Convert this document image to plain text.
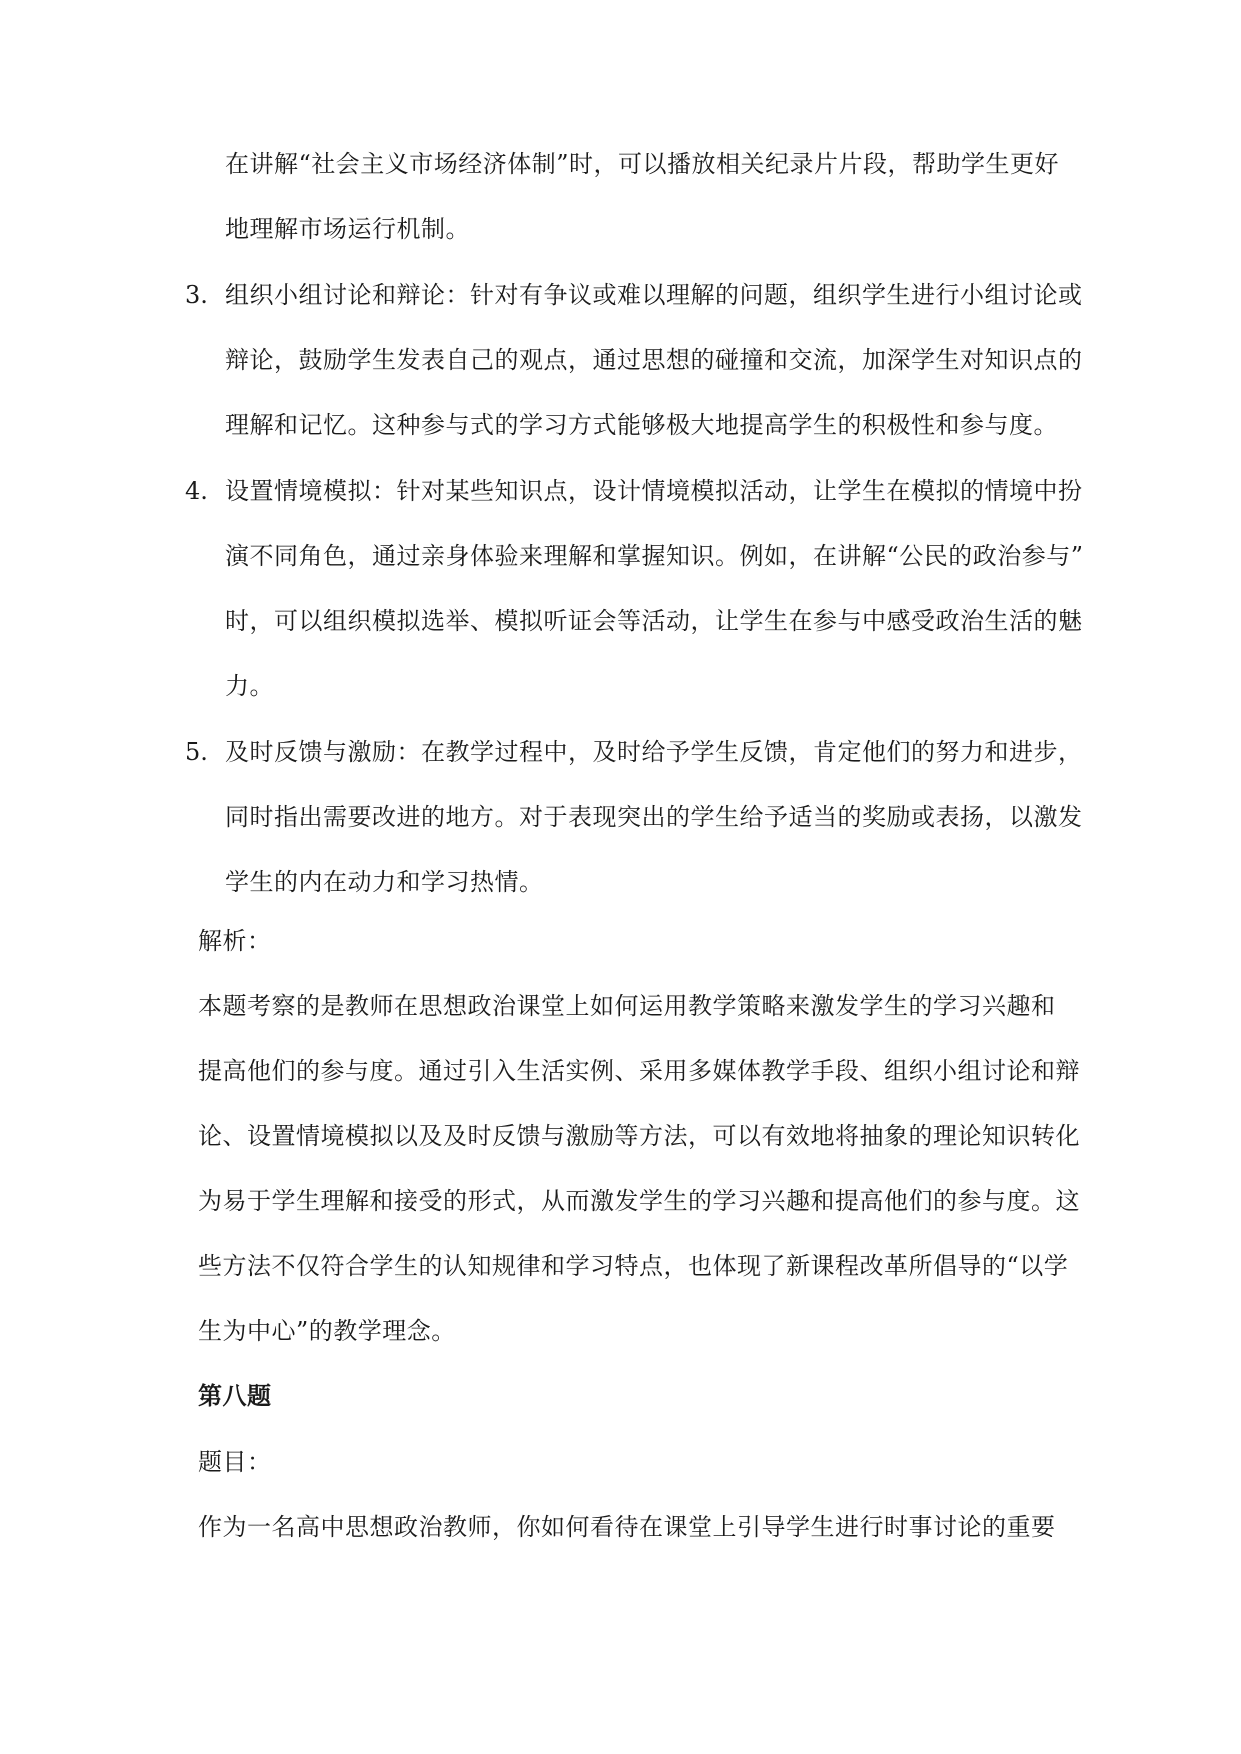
在讲解“社会主义市场经济体制”时，可以播放相关纪录片片段，帮助学生更好
地理解市场运行机制。
3. 组织小组讨论和辩论：针对有争议或难以理解的问题，组织学生进行小组讨论或
辩论，鼓励学生发表自己的观点，通过思想的碰撞和交流，加深学生对知识点的
理解和记忆。这种参与式的学习方式能够极大地提高学生的积极性和参与度。
4. 设置情境模拟：针对某些知识点，设计情境模拟活动，让学生在模拟的情境中扮
演不同角色，通过亲身体验来理解和掌握知识。例如，在讲解“公民的政治参与”
时，可以组织模拟选举、模拟听证会等活动，让学生在参与中感受政治生活的魅
力。
5. 及时反馈与激励：在教学过程中，及时给予学生反馈，肯定他们的努力和进步，
同时指出需要改进的地方。对于表现突出的学生给予适当的奖励或表扬，以激发
学生的内在动力和学习热情。
解析：
本题考察的是教师在思想政治课堂上如何运用教学策略来激发学生的学习兴趣和
提高他们的参与度。通过引入生活实例、采用多媒体教学手段、组织小组讨论和辩
论、设置情境模拟以及及时反馈与激励等方法，可以有效地将抽象的理论知识转化
为易于学生理解和接受的形式，从而激发学生的学习兴趣和提高他们的参与度。这
些方法不仅符合学生的认知规律和学习特点，也体现了新课程改革所倡导的“以学
生为中心”的教学理念。
第八题
题目：
作为一名高中思想政治教师，你如何看待在课堂上引导学生进行时事讨论的重要
